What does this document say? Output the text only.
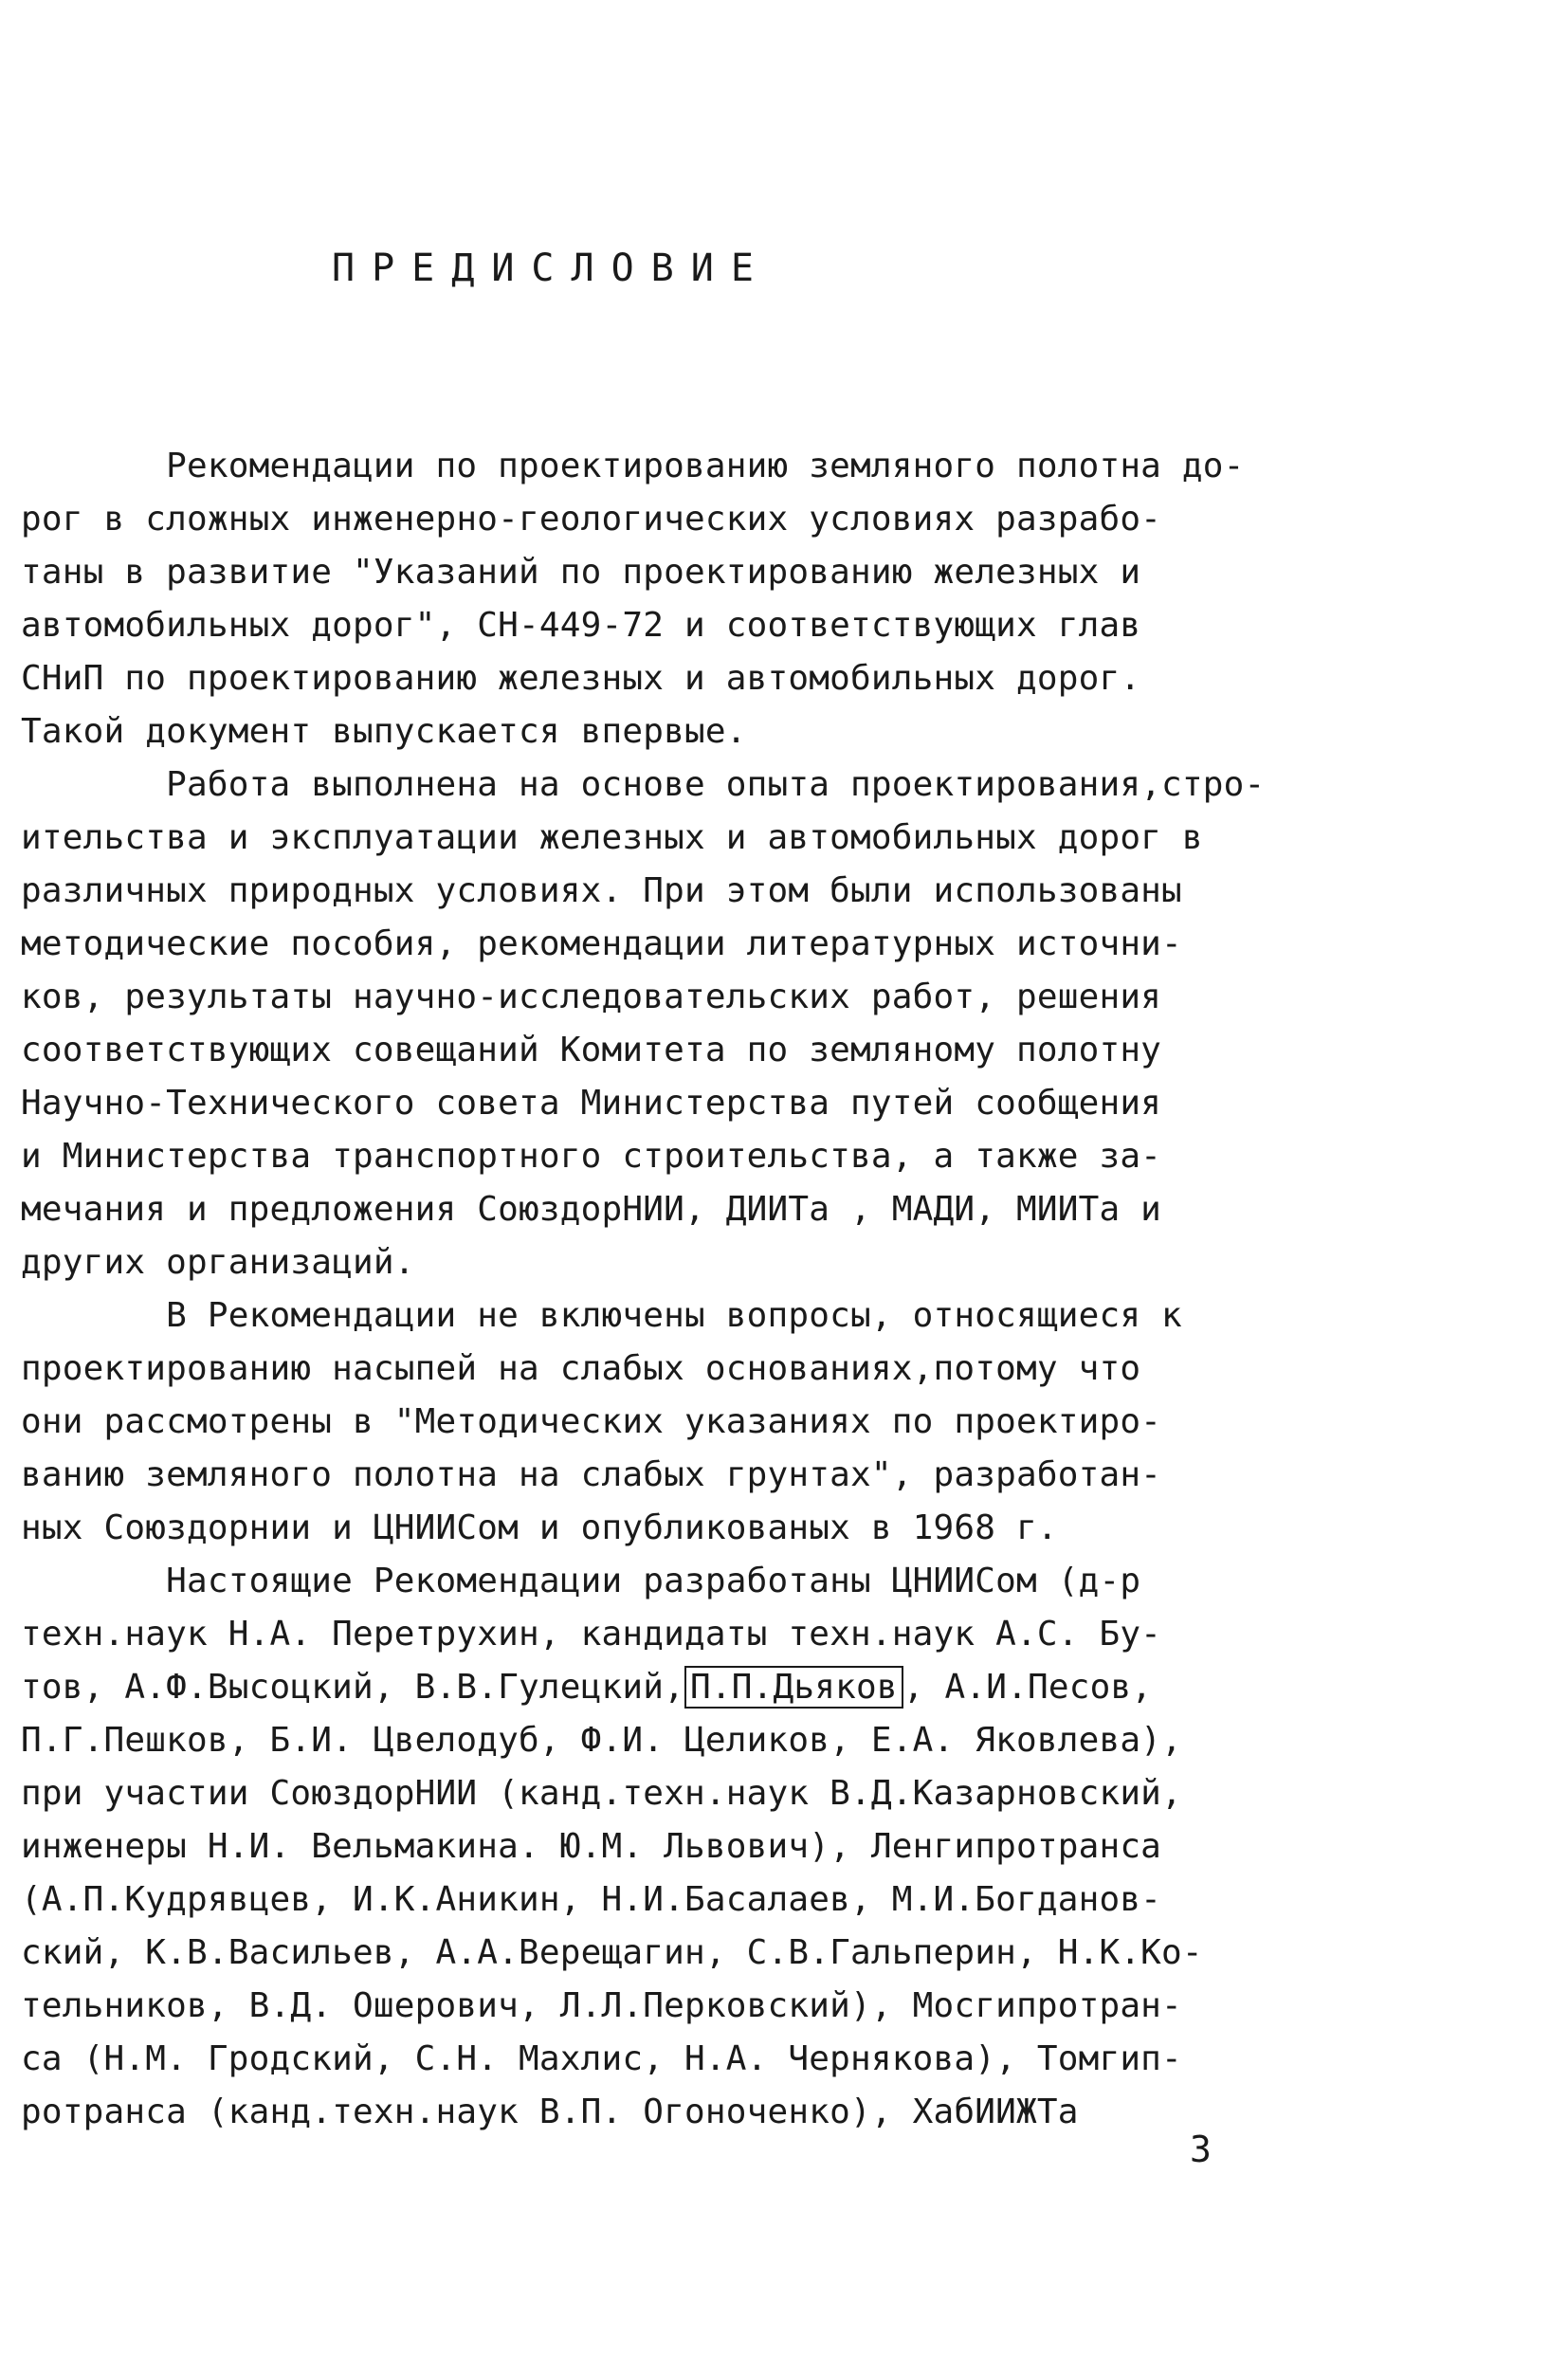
ПРЕДИСЛОВИЕ
Рекомендации по проектированию земляного полотна до-
рог в сложных инженерно-геологических условиях разрабо-
таны в развитие "Указаний по проектированию железных и
автомобильных дорог", СН-449-72 и соответствующих глав
СНиП по проектированию железных и автомобильных дорог.
Такой документ выпускается впервые.
Работа выполнена на основе опыта проектирования,стро-
ительства и эксплуатации железных и автомобильных дорог в
различных природных условиях. При этом были использованы
методические пособия, рекомендации литературных источни-
ков, результаты научно-исследовательских работ, решения
соответствующих совещаний Комитета по земляному полотну
Научно-Технического совета Министерства путей сообщения
и Министерства транспортного строительства, а также за-
мечания и предложения СоюздорНИИ, ДИИТа , МАДИ, МИИТа и
других организаций.
В Рекомендации не включены вопросы, относящиеся к
проектированию насыпей на слабых основаниях,потому что
они рассмотрены в "Методических указаниях по проектиро-
ванию земляного полотна на слабых грунтах", разработан-
ных Союздорнии и ЦНИИСом и опубликованых в 1968 г.
Настоящие Рекомендации разработаны ЦНИИСом (д-р
техн.наук Н.А. Перетрухин, кандидаты техн.наук А.С. Бу-
тов, А.Ф.Высоцкий, В.В.Гулецкий, П.П.Дьяков , А.И.Песов,
П.Г.Пешков, Б.И. Цвелодуб, Ф.И. Целиков, Е.А. Яковлева),
при участии СоюздорНИИ (канд.техн.наук В.Д.Казарновский,
инженеры Н.И. Вельмакина. Ю.М. Львович), Ленгипротранса
(А.П.Кудрявцев, И.К.Аникин, Н.И.Басалаев, М.И.Богданов-
ский, К.В.Васильев, А.А.Верещагин, С.В.Гальперин, Н.К.Ко-
тельников, В.Д. Ошерович, Л.Л.Перковский), Мосгипротран-
са (Н.М. Гродский, С.Н. Махлис, Н.А. Чернякова), Томгип-
ротранса (канд.техн.наук В.П. Огоноченко), ХабИИЖТа
3
